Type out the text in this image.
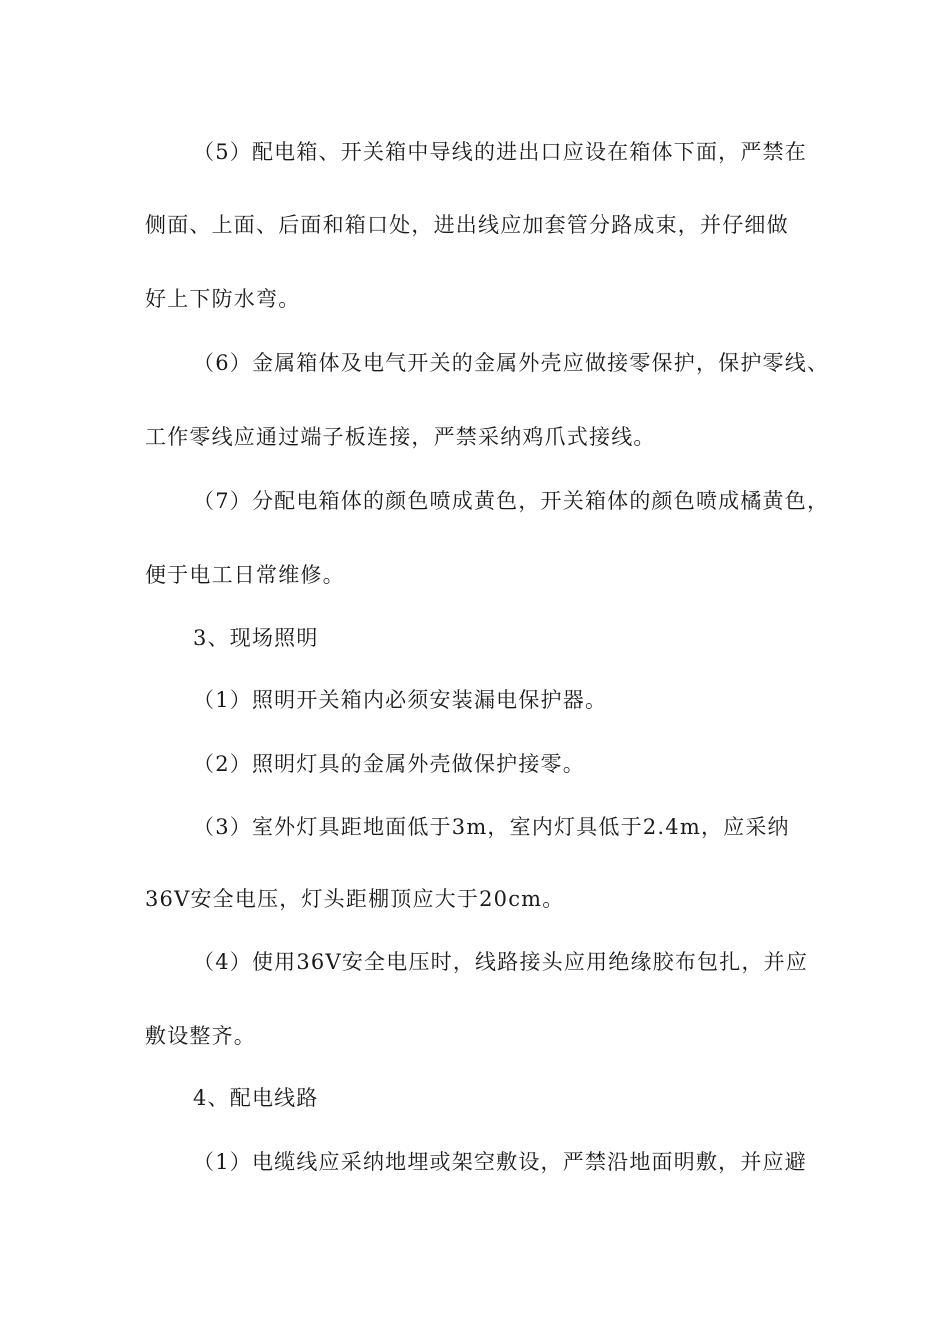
（5）配电箱、开关箱中导线的进出口应设在箱体下面，严禁在
侧面、上面、后面和箱口处，进出线应加套管分路成束，并仔细做
好上下防水弯。
（6）金属箱体及电气开关的金属外壳应做接零保护，保护零线、
工作零线应通过端子板连接，严禁采纳鸡爪式接线。
（7）分配电箱体的颜色喷成黄色，开关箱体的颜色喷成橘黄色，
便于电工日常维修。
3、现场照明
（1）照明开关箱内必须安装漏电保护器。
（2）照明灯具的金属外壳做保护接零。
（3）室外灯具距地面低于3m，室内灯具低于2.4m，应采纳
36V安全电压，灯头距棚顶应大于20cm。
（4）使用36V安全电压时，线路接头应用绝缘胶布包扎，并应
敷设整齐。
4、配电线路
（1）电缆线应采纳地埋或架空敷设，严禁沿地面明敷，并应避
